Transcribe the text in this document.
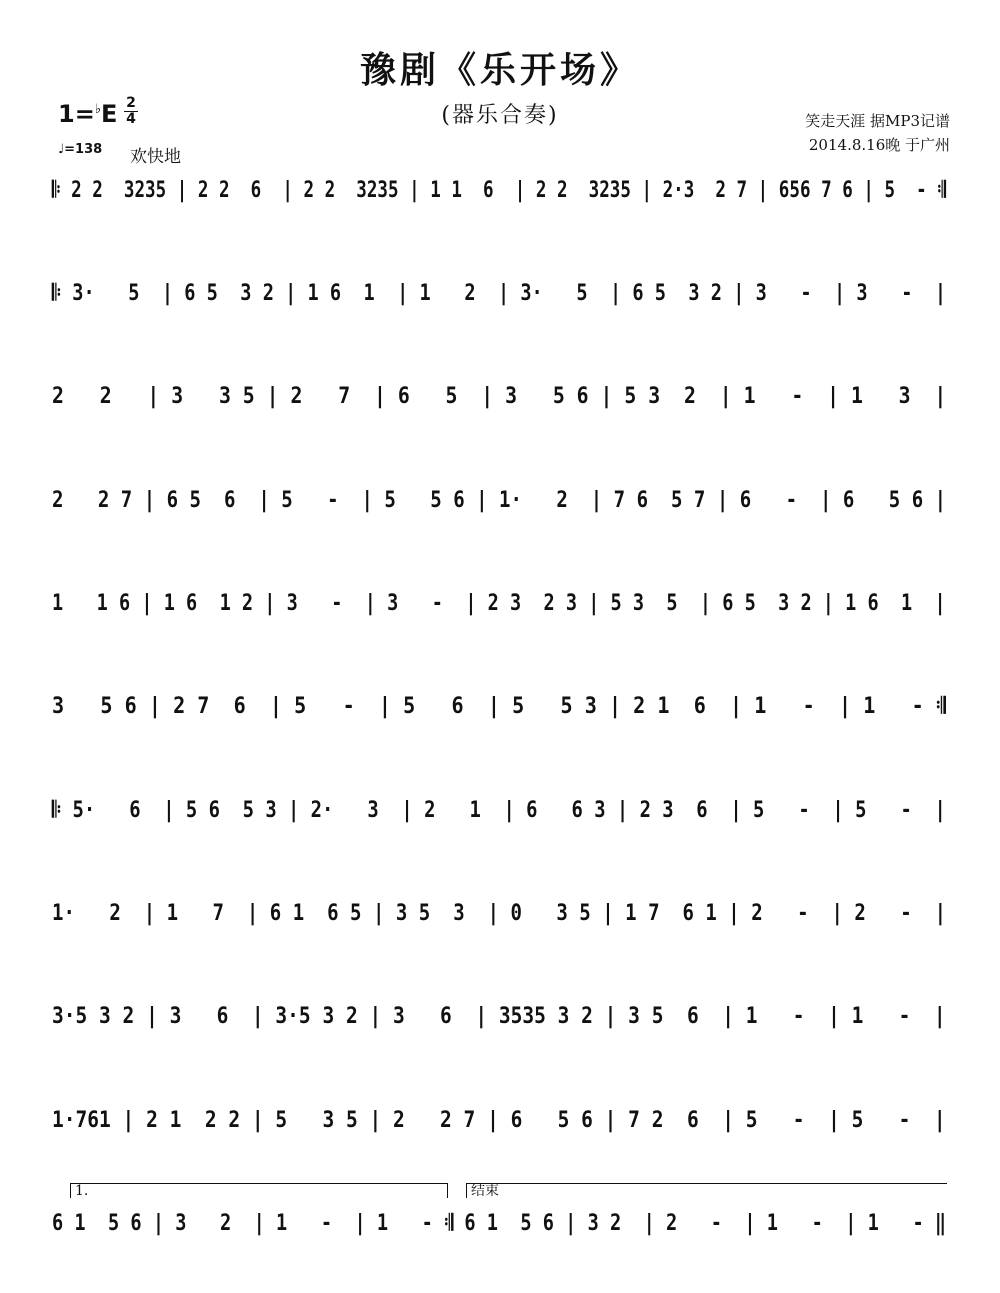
豫剧《乐开场》
(器乐合奏)
1=♭E 2
4
♩=138 欢快地
笑走天涯 据MP3记谱
2014.8.16晚 于广州
𝄆 2 2  3235 | 2 2  6  | 2 2  3235 | 1 1  6  | 2 2  3235 | 2·3  2 7 | 656 7 6 | 5  - 𝄇
𝄆 3·   5  | 6 5  3 2 | 1 6  1  | 1   2  | 3·   5  | 6 5  3 2 | 3   -  | 3   -  |
2   2   | 3   3 5 | 2   7  | 6   5  | 3   5 6 | 5 3  2  | 1   -  | 1   3  |
2   2 7 | 6 5  6  | 5   -  | 5   5 6 | 1·   2  | 7 6  5 7 | 6   -  | 6   5 6 |
1   1 6 | 1 6  1 2 | 3   -  | 3   -  | 2 3  2 3 | 5 3  5  | 6 5  3 2 | 1 6  1  |
3   5 6 | 2 7  6  | 5   -  | 5   6  | 5   5 3 | 2 1  6  | 1   -  | 1   - 𝄇
𝄆 5·   6  | 5 6  5 3 | 2·   3  | 2   1  | 6   6 3 | 2 3  6  | 5   -  | 5   -  |
1·   2  | 1   7  | 6 1  6 5 | 3 5  3  | 0   3 5 | 1 7  6 1 | 2   -  | 2   -  |
3·5 3 2 | 3   6  | 3·5 3 2 | 3   6  | 3535 3 2 | 3 5  6  | 1   -  | 1   -  |
1·761 | 2 1  2 2 | 5   3 5 | 2   2 7 | 6   5 6 | 7 2  6  | 5   -  | 5   -  |
6 1  5 6 | 3   2  | 1   -  | 1   - 𝄇 6 1  5 6 | 3 2  | 2   -  | 1   -  | 1   - ‖
1.	结束
